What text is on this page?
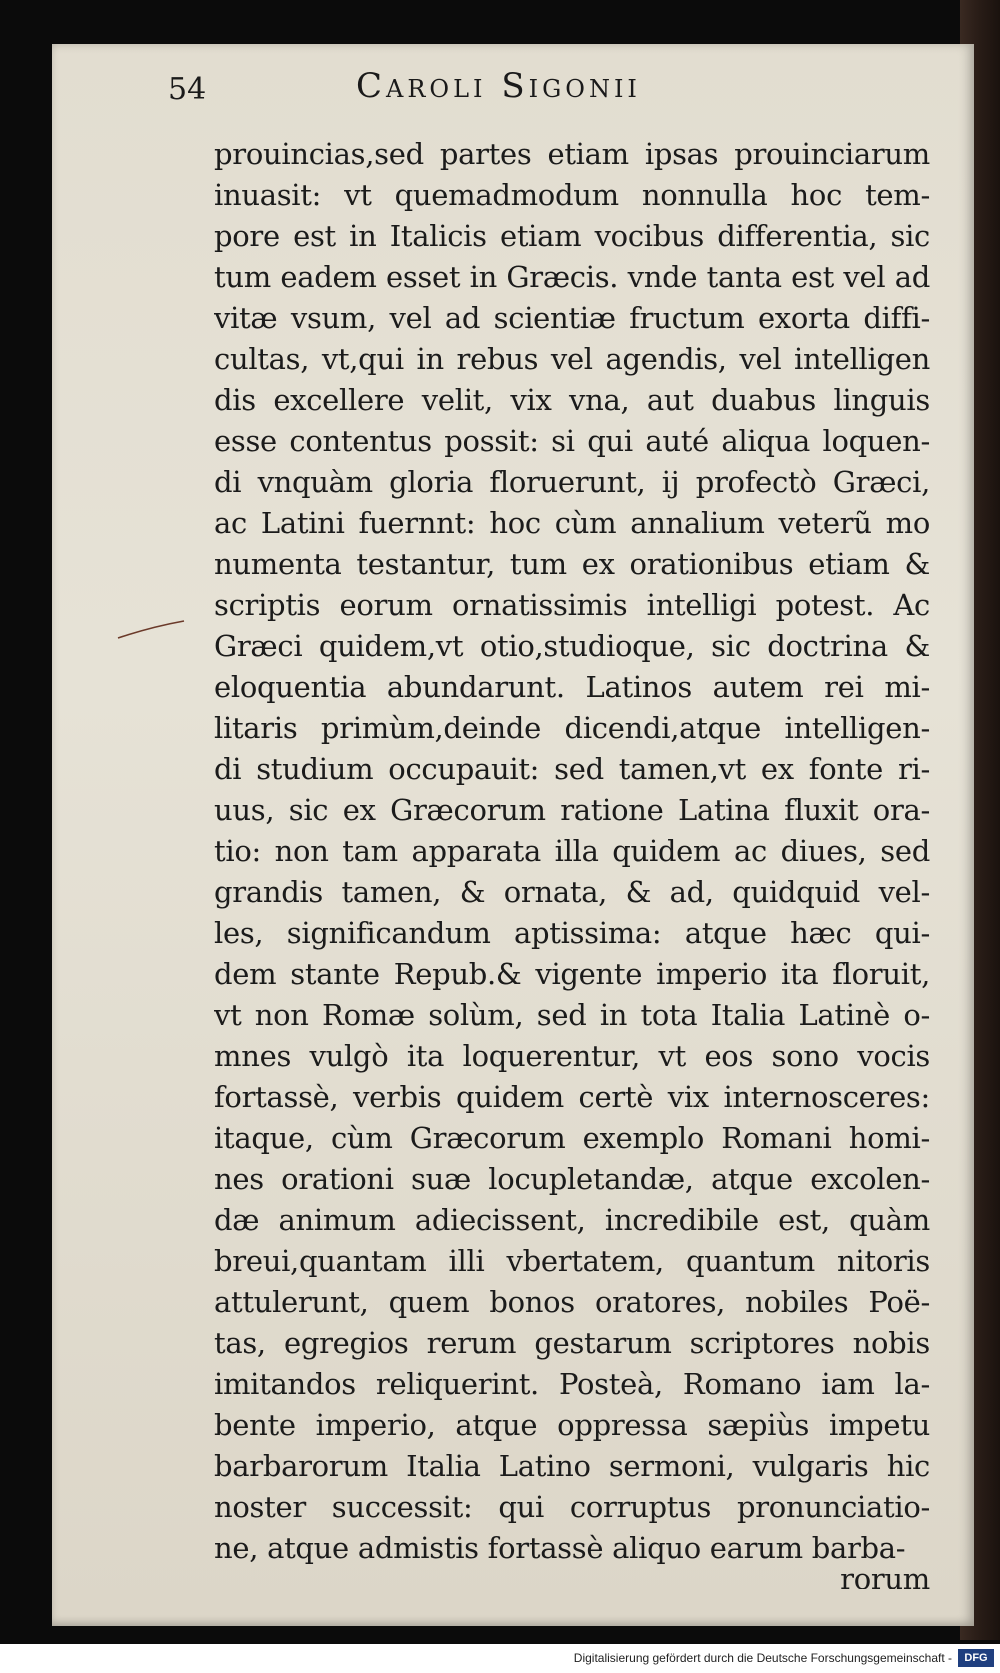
54	Caroli Sigonii
prouincias,sed partes etiam ipsas prouinciarum
inuasit: vt quemadmodum nonnulla hoc tem-
pore est in Italicis etiam vocibus differentia, sic
tum eadem esset in Græcis. vnde tanta est vel ad
vitæ vsum, vel ad scientiæ fructum exorta diffi-
cultas, vt,qui in rebus vel agendis, vel intelligen
dis excellere velit, vix vna, aut duabus linguis
esse contentus possit: si qui auté aliqua loquen-
di vnquàm gloria floruerunt, ij profectò Græci,
ac Latini fuernnt: hoc cùm annalium veterũ mo
numenta testantur, tum ex orationibus etiam &
scriptis eorum ornatissimis intelligi potest. Ac
Græci quidem,vt otio,studioque, sic doctrina &
eloquentia abundarunt. Latinos autem rei mi-
litaris primùm,deinde dicendi,atque intelligen-
di studium occupauit: sed tamen,vt ex fonte ri-
uus, sic ex Græcorum ratione Latina fluxit ora-
tio: non tam apparata illa quidem ac diues, sed
grandis tamen, & ornata, & ad, quidquid vel-
les, significandum aptissima: atque hæc qui-
dem stante Repub.& vigente imperio ita floruit,
vt non Romæ solùm, sed in tota Italia Latinè o-
mnes vulgò ita loquerentur, vt eos sono vocis
fortassè, verbis quidem certè vix internosceres:
itaque, cùm Græcorum exemplo Romani homi-
nes orationi suæ locupletandæ, atque excolen-
dæ animum adiecissent, incredibile est, quàm
breui,quantam illi vbertatem, quantum nitoris
attulerunt, quem bonos oratores, nobiles Poë-
tas, egregios rerum gestarum scriptores nobis
imitandos reliquerint. Posteà, Romano iam la-
bente imperio, atque oppressa sæpiùs impetu
barbarorum Italia Latino sermoni, vulgaris hic
noster successit: qui corruptus pronunciatio-
ne, atque admistis fortassè aliquo earum barba-
rorum
Digitalisierung gefördert durch die Deutsche Forschungsgemeinschaft -	DFG
